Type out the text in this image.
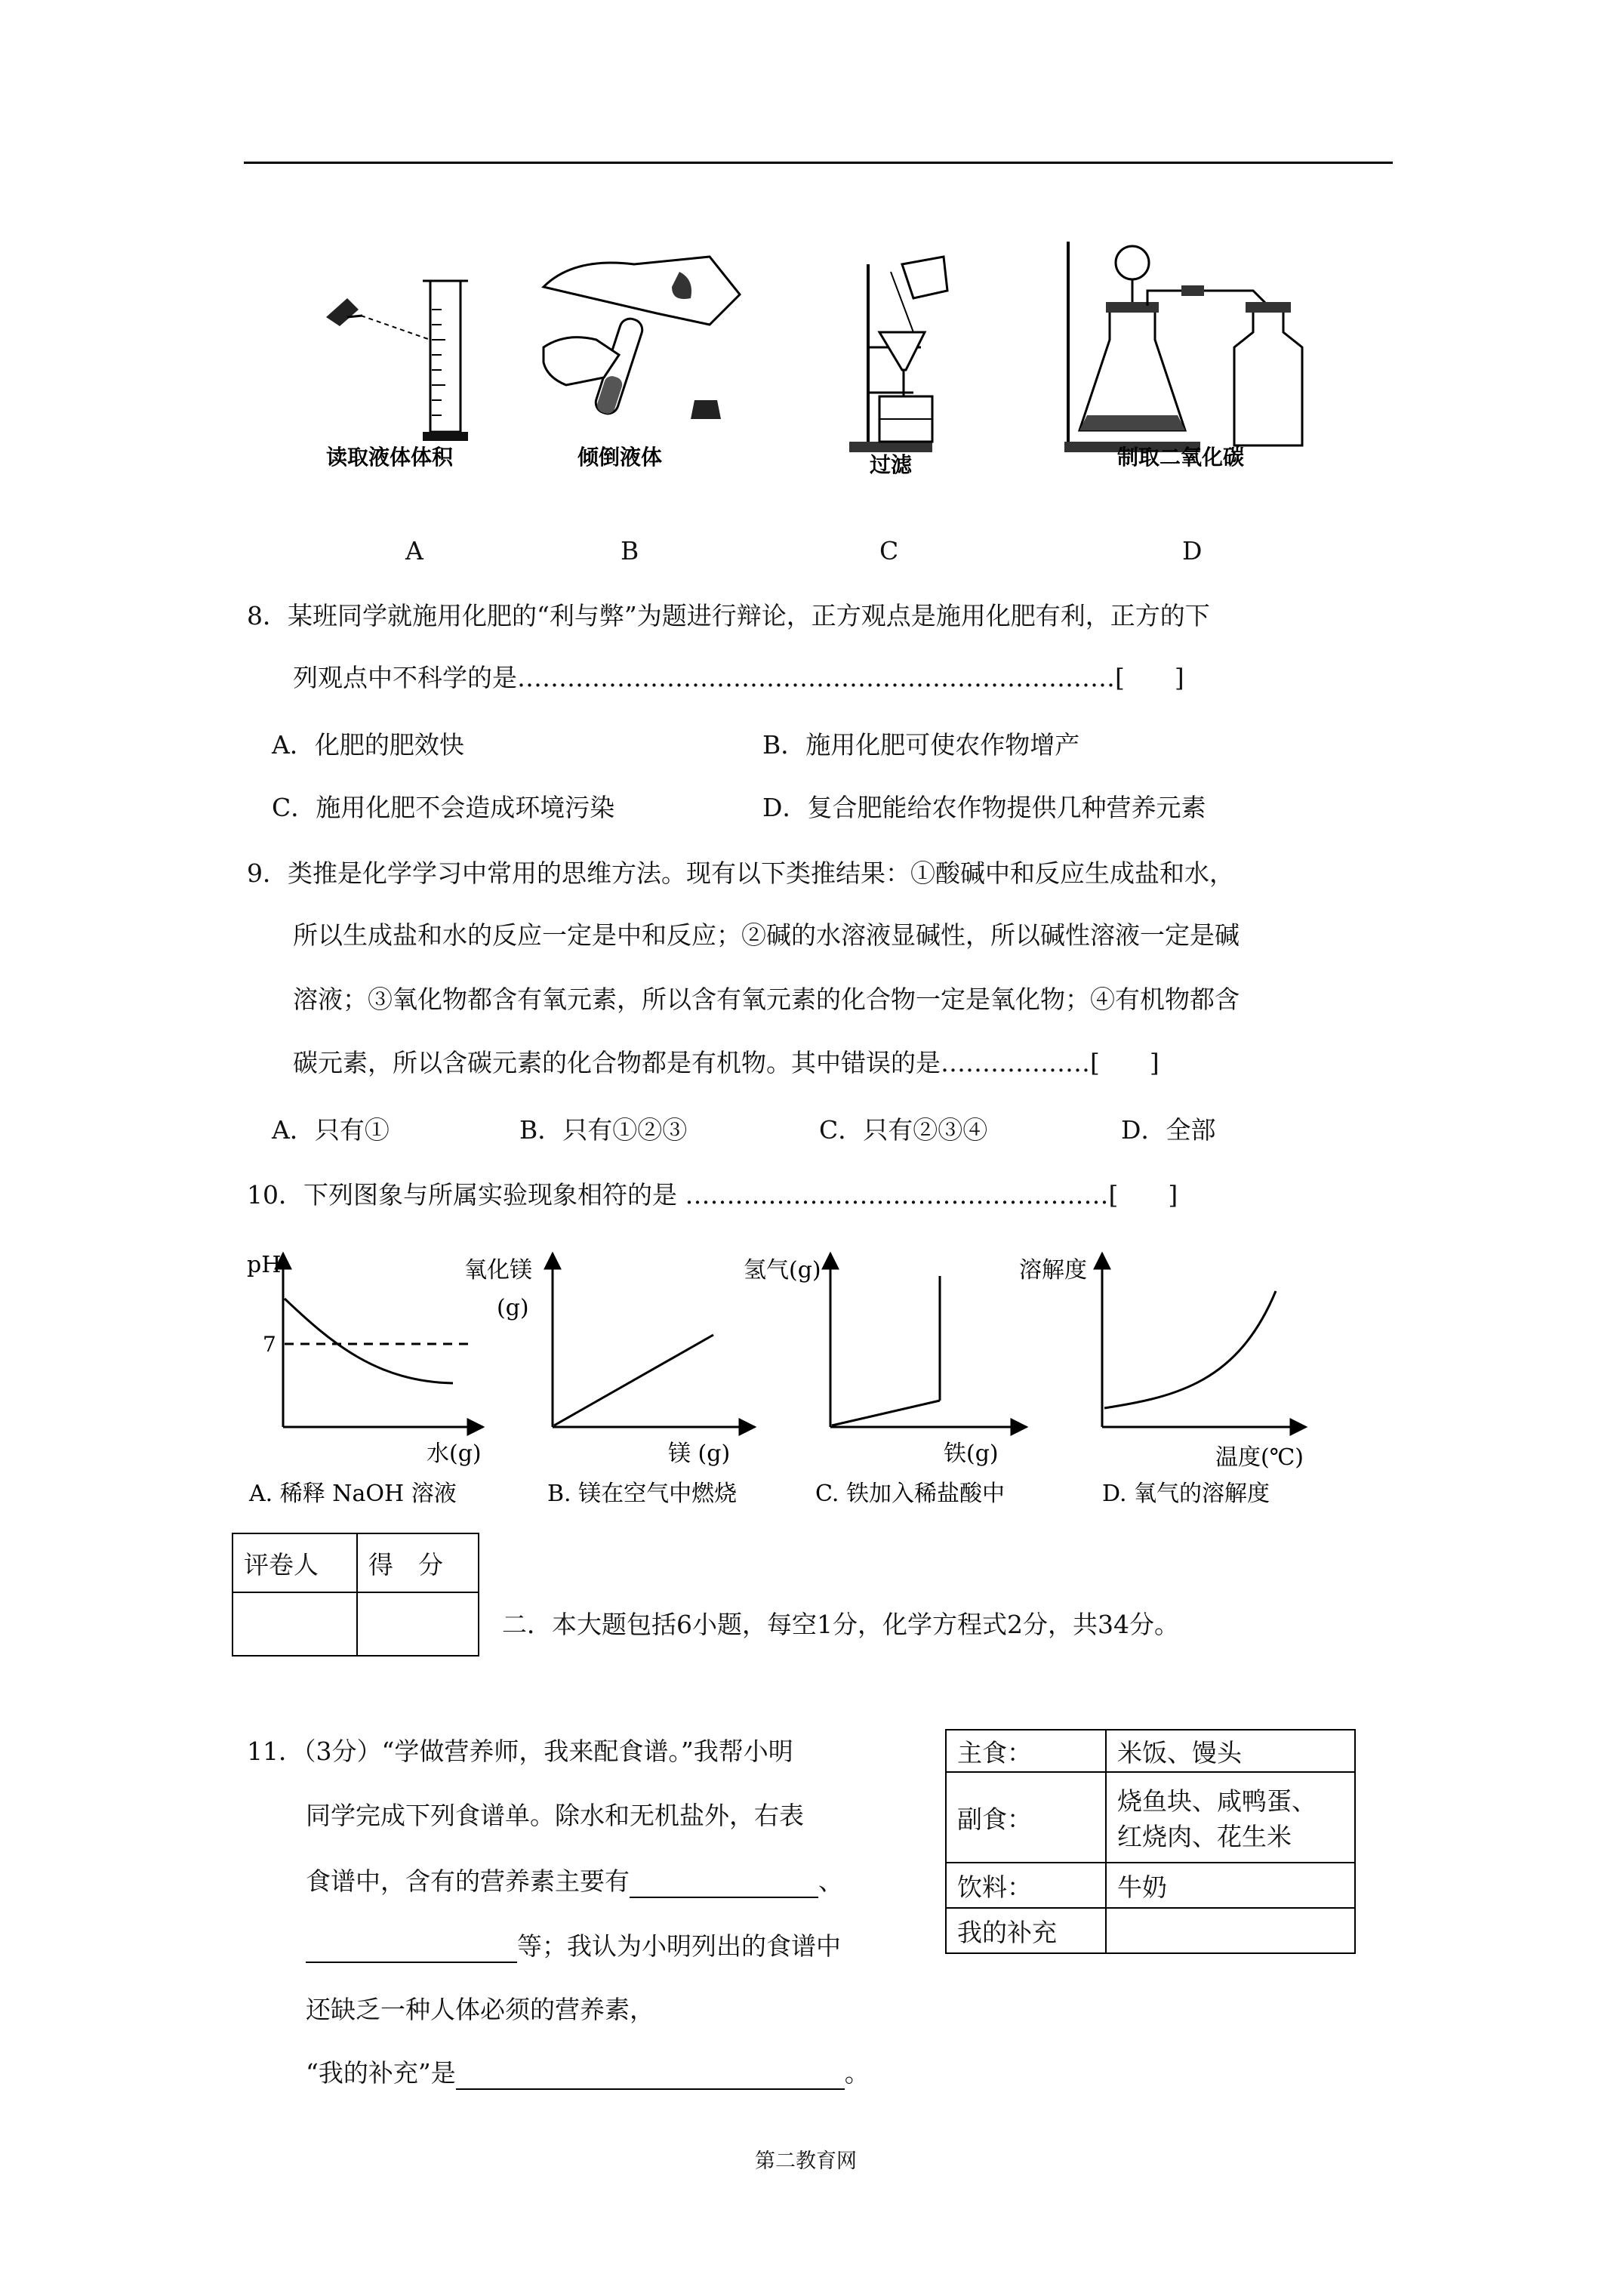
读取液体体积	倾倒液体	过滤	制取二氧化碳
A	B	C	D
8．某班同学就施用化肥的“利与弊”为题进行辩论，正方观点是施用化肥有利，正方的下
列观点中不科学的是………………………………………………………………[　　]
A．化肥的肥效快	B．施用化肥可使农作物增产
C．施用化肥不会造成环境污染	D．复合肥能给农作物提供几种营养元素
9．类推是化学学习中常用的思维方法。现有以下类推结果：①酸碱中和反应生成盐和水，
所以生成盐和水的反应一定是中和反应；②碱的水溶液显碱性，所以碱性溶液一定是碱
溶液；③氧化物都含有氧元素，所以含有氧元素的化合物一定是氧化物；④有机物都含
碳元素，所以含碳元素的化合物都是有机物。其中错误的是………………[　　]
A．只有①	B．只有①②③	C．只有②③④	D．全部
10．下列图象与所属实验现象相符的是 ……………………………………………[　　]
pH
7
水(g)
A. 稀释 NaOH 溶液
氧化镁
(g)
镁 (g)
B. 镁在空气中燃烧
氢气(g)
铁(g)
C. 铁加入稀盐酸中
溶解度
温度(℃)
D. 氧气的溶解度
评卷人	得　分

二．本大题包括6小题，每空1分，化学方程式2分，共34分。
11．（3分）“学做营养师，我来配食谱。”我帮小明
同学完成下列食谱单。除水和无机盐外，右表
食谱中，含有的营养素主要有	、
等；我认为小明列出的食谱中
还缺乏一种人体必须的营养素，
“我的补充”是	。
主食：	米饭、馒头
副食：	烧鱼块、咸鸭蛋、
红烧肉、花生米

饮料：	牛奶
我的补充	
第二教育网
